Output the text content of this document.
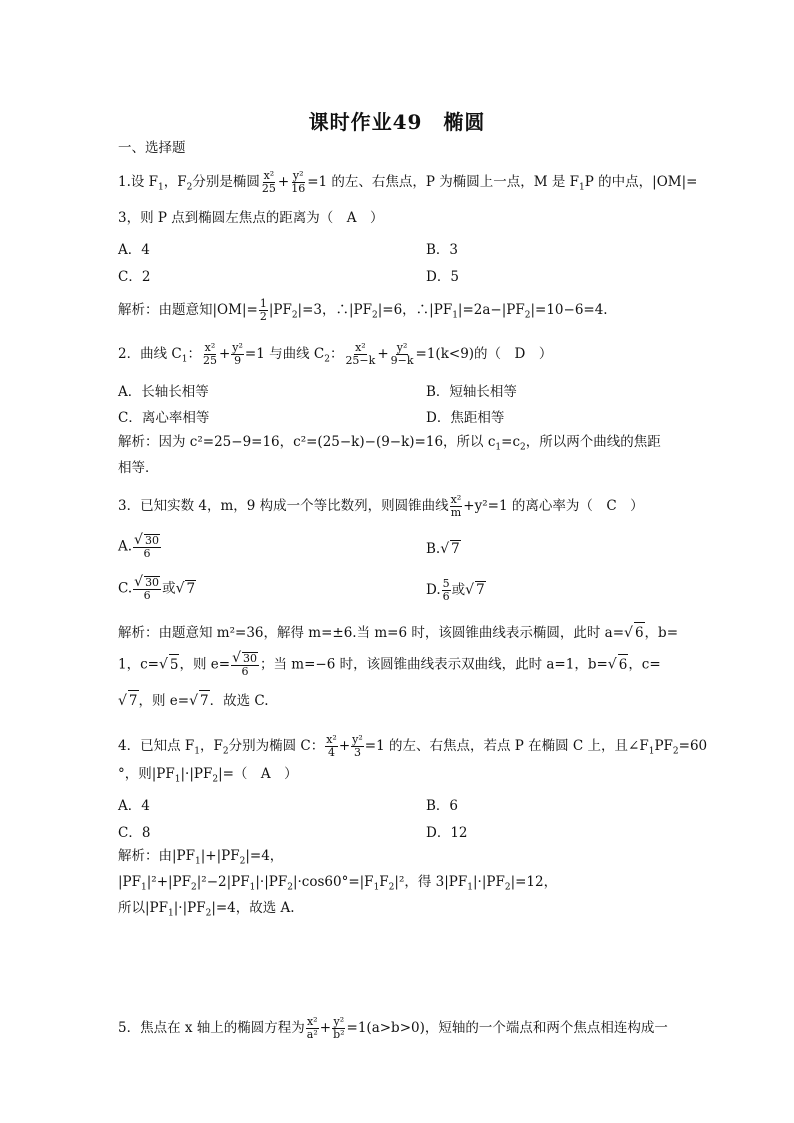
课时作业49　椭圆
一、选择题
1.设 $F_1$，$F_2$分别是椭圆 $\frac{\text{x²}}{25} + \frac{\text{y²}}{16} =1$ 的左、右焦点，P 为椭圆上一点，M 是 $F_1P$ 的中点，|OM|=
3，则 P 点到椭圆左焦点的距离为（　A　）
A．4	B．3
C．2	D．5
解析：由题意知$|OM|= \frac{1}{2} |PF_2|=3$，$\therefore|PF_2|=6$，$\therefore|PF_1|=2a-|PF_2|=10-6=4$.
2．曲线 $C_1$： $\frac{\text{x²}}{25} + \frac{\text{y²}}{9} =1$ 与曲线 $C_2$： $\frac{\text{x²}}{25-k} + \frac{\text{y²}}{9-k} =1(k<9)$的（　D　）
A．长轴长相等	B．短轴长相等
C．离心率相等	D．焦距相等
解析：因为 c²=25−9=16，c²=(25−k)−(9−k)=16，所以 $c_1=c_2$，所以两个曲线的焦距
相等．
3．已知实数 4，m，9 构成一个等比数列，则圆锥曲线 $\frac{\text{x²}}{m} +y^2=1$ 的离心率为（　C　）
A. $\frac{√ 30}{6}$	B.√ 7
C. $\frac{√ 30}{6}$ 或√ 7	D. $\frac{5}{6}$ 或√ 7
解析：由题意知 m²=36，解得 m=±6.当 m=6 时，该圆锥曲线表示椭圆，此时 a=√ 6，b=
1，c=√ 5，则 $e= \frac{√ 30}{6}$ ；当 m=−6 时，该圆锥曲线表示双曲线，此时 a=1，b=√ 6，c=
√ 7，则 e=√ 7．故选 C.
4．已知点 $F_1$，$F_2$分别为椭圆 C： $\frac{\text{x²}}{4} + \frac{\text{y²}}{3} =1$ 的左、右焦点，若点 P 在椭圆 C 上，且$\angle F_1PF_2=60$
°，则$|PF_1|\cdot|PF_2|=$（　A　）
A．4	B．6
C．8	D．12
解析：由$|PF_1|+|PF_2|=4$，
$|PF_1|^2+|PF_2|^2-2|PF_1|\cdot|PF_2|\cdot\cos 60^\circ=|F_1F_2|^2$，得 $3|PF_1|\cdot|PF_2|=12$，
所以$|PF_1|\cdot|PF_2|=4$，故选 A.
5．焦点在 x 轴上的椭圆方程为 $\frac{\text{x²}}{\text{a²}} + \frac{\text{y²}}{\text{b²}} =1(a>b>0)$，短轴的一个端点和两个焦点相连构成一
